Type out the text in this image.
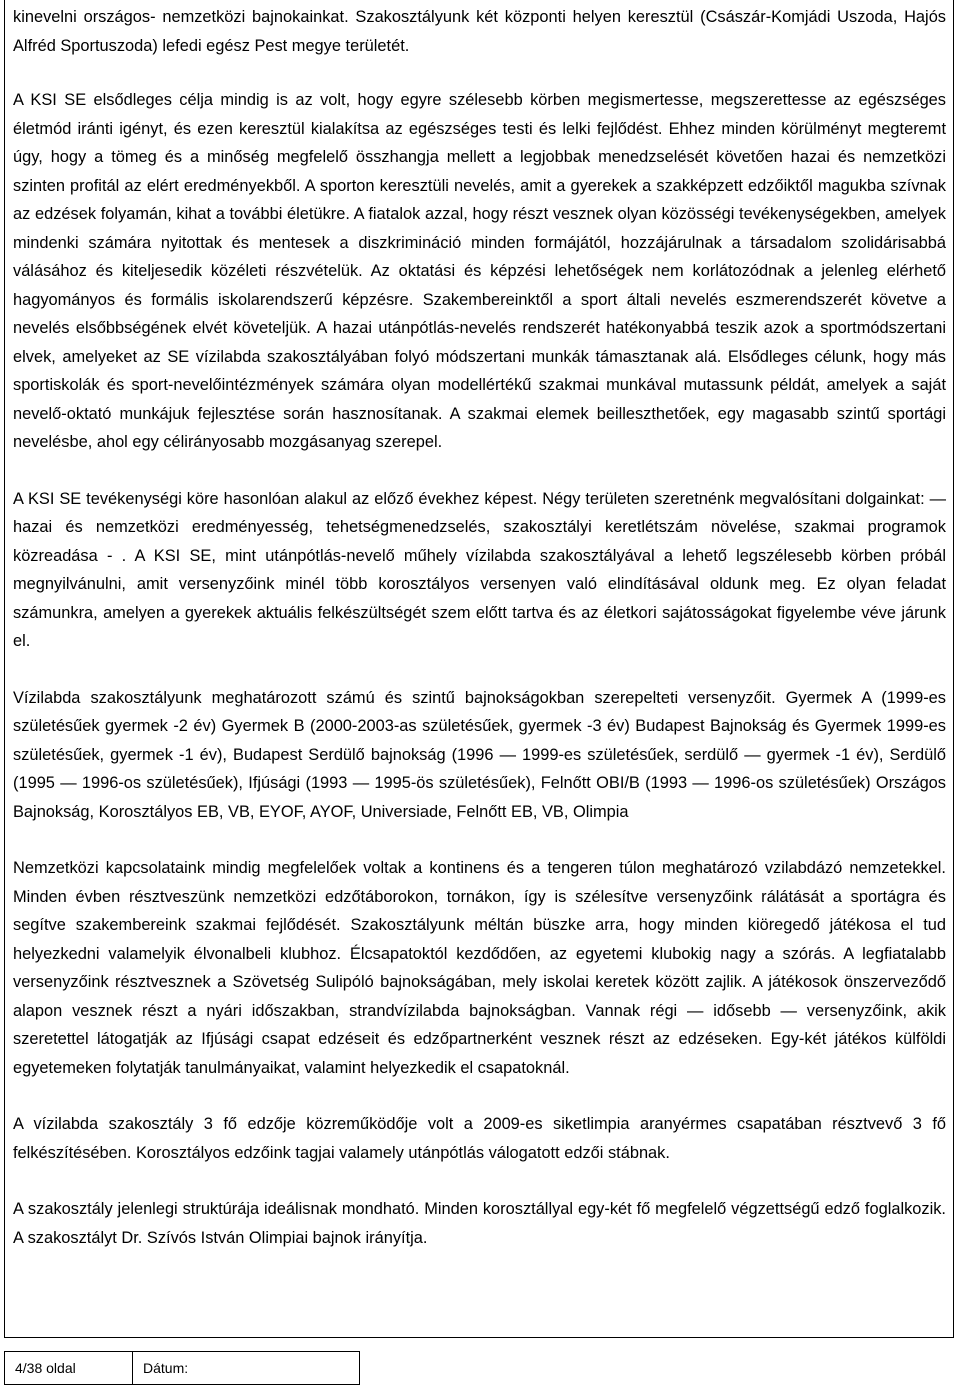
kinevelni országos- nemzetközi bajnokainkat. Szakosztályunk két központi helyen keresztül (Császár-Komjádi Uszoda, Hajós Alfréd Sportuszoda) lefedi egész Pest megye területét.

A KSI SE elsődleges célja mindig is az volt, hogy egyre szélesebb körben megismertesse, megszerettesse az egészséges életmód iránti igényt, és ezen keresztül kialakítsa az egészséges testi és lelki fejlődést. Ehhez minden körülményt megteremt úgy, hogy a tömeg és a minőség megfelelő összhangja mellett a legjobbak menedzselését követően hazai és nemzetközi szinten profitál az elért eredményekből. A sporton keresztüli nevelés, amit a gyerekek a szakképzett edzőiktől magukba szívnak az edzések folyamán, kihat a további életükre. A fiatalok azzal, hogy részt vesznek olyan közösségi tevékenységekben, amelyek mindenki számára nyitottak és mentesek a diszkrimináció minden formájától, hozzájárulnak a társadalom szolidárisabbá válásához és kiteljesedik közéleti részvételük. Az oktatási és képzési lehetőségek nem korlátozódnak a jelenleg elérhető hagyományos és formális iskolarendszerű képzésre. Szakembereinktől a sport általi nevelés eszmerendszerét követve a nevelés elsőbbségének elvét követeljük. A hazai utánpótlás-nevelés rendszerét hatékonyabbá teszik azok a sportmódszertani elvek, amelyeket az SE vízilabda szakosztályában folyó módszertani munkák támasztanak alá. Elsődleges célunk, hogy más sportiskolák és sport-nevelőintézmények számára olyan modellértékű szakmai munkával mutassunk példát, amelyek a saját nevelő-oktató munkájuk fejlesztése során hasznosítanak. A szakmai elemek beilleszthetőek, egy magasabb szintű sportági nevelésbe, ahol egy célirányosabb mozgásanyag szerepel.

A KSI SE tevékenységi köre hasonlóan alakul az előző évekhez képest. Négy területen szeretnénk megvalósítani dolgainkat: — hazai és nemzetközi eredményesség, tehetségmenedzselés, szakosztályi keretlétszám növelése, szakmai programok közreadása - . A KSI SE, mint utánpótlás-nevelő műhely vízilabda szakosztályával a lehető legszélesebb körben próbál megnyilvánulni, amit versenyzőink minél több korosztályos versenyen való elindításával oldunk meg. Ez olyan feladat számunkra, amelyen a gyerekek aktuális felkészültségét szem előtt tartva és az életkori sajátosságokat figyelembe véve járunk el.

Vízilabda szakosztályunk meghatározott számú és szintű bajnokságokban szerepelteti versenyzőit. Gyermek A (1999-es születésűek gyermek -2 év) Gyermek B (2000-2003-as születésűek, gyermek -3 év) Budapest Bajnokság és Gyermek 1999-es születésűek, gyermek -1 év), Budapest Serdülő bajnokság (1996 — 1999-es születésűek, serdülő — gyermek -1 év), Serdülő (1995 — 1996-os születésűek), Ifjúsági (1993 — 1995-ös születésűek), Felnőtt OBI/B (1993 — 1996-os születésűek) Országos Bajnokság, Korosztályos EB, VB, EYOF, AYOF, Universiade, Felnőtt EB, VB, Olimpia

Nemzetközi kapcsolataink mindig megfelelőek voltak a kontinens és a tengeren túlon meghatározó vzilabdázó nemzetekkel. Minden évben résztveszünk nemzetközi edzőtáborokon, tornákon, így is szélesítve versenyzőink rálátását a sportágra és segítve szakembereink szakmai fejlődését. Szakosztályunk méltán büszke arra, hogy minden kiöregedő játékosa el tud helyezkedni valamelyik élvonalbeli klubhoz. Élcsapatoktól kezdődően, az egyetemi klubokig nagy a szórás. A legfiatalabb versenyzőink résztvesznek a Szövetség Sulipóló bajnokságában, mely iskolai keretek között zajlik. A játékosok önszerveződő alapon vesznek részt a nyári időszakban, strandvízilabda bajnokságban. Vannak régi — idősebb — versenyzőink, akik szeretettel látogatják az Ifjúsági csapat edzéseit és edzőpartnerként vesznek részt az edzéseken. Egy-két játékos külföldi egyetemeken folytatják tanulmányaikat, valamint helyezkedik el csapatoknál.

A vízilabda szakosztály 3 fő edzője közreműködője volt a 2009-es siketlimpia aranyérmes csapatában résztvevő 3 fő felkészítésében. Korosztályos edzőink tagjai valamely utánpótlás válogatott edzői stábnak.

A szakosztály jelenlegi struktúrája ideálisnak mondható. Minden korosztállyal egy-két fő megfelelő végzettségű edző foglalkozik. A szakosztályt Dr. Szívós István Olimpiai bajnok irányítja.

4/38 oldal	Dátum:
